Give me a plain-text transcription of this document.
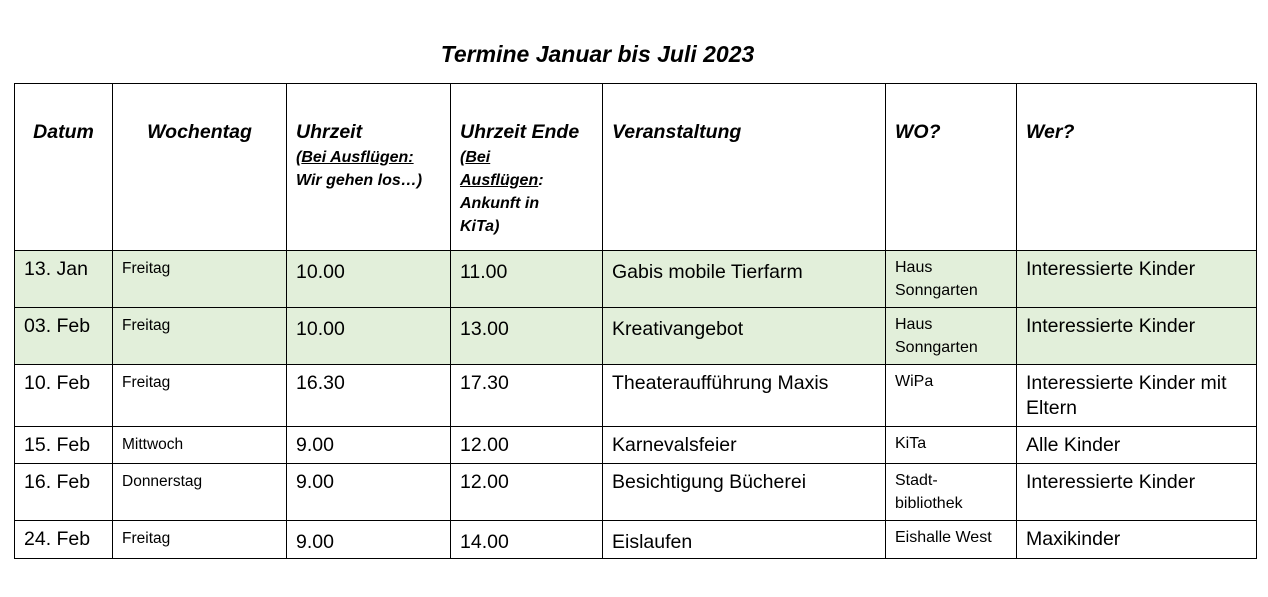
Termine Januar bis Juli 2023
Datum	Wochentag	Uhrzeit
(Bei Ausflügen:
Wir gehen los…)	Uhrzeit Ende
(Bei
Ausflügen:
Ankunft in
KiTa)	Veranstaltung	WO?	Wer?

13. Jan	Freitag	10.00	11.00	Gabis mobile Tierfarm	Haus Sonngarten	Interessierte Kinder

03. Feb	Freitag	10.00	13.00	Kreativangebot	Haus Sonngarten	Interessierte Kinder

10. Feb	Freitag	16.30	17.30	Theateraufführung Maxis	WiPa	Interessierte Kinder mit Eltern

15. Feb	Mittwoch	9.00	12.00	Karnevalsfeier	KiTa	Alle Kinder

16. Feb	Donnerstag	9.00	12.00	Besichtigung Bücherei	Stadt-bibliothek	Interessierte Kinder

24. Feb	Freitag	9.00	14.00	Eislaufen	Eishalle West	Maxikinder
